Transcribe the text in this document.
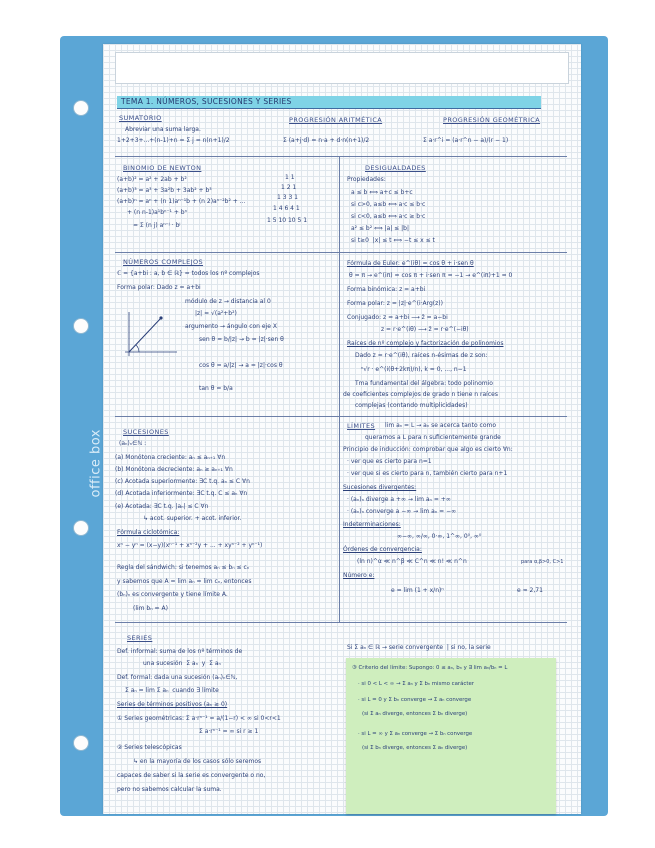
office box
TEMA 1. NÚMEROS, SUCESIONES Y SERIES
SUMATORIO
Abreviar una suma larga.
1+2+3+...+(n-1)+n = Σ j = n(n+1)/2
PROGRESIÓN ARITMÉTICA
Σ (a+j·d) = n·a + d·n(n+1)/2
PROGRESIÓN GEOMÉTRICA
Σ a·r^i = (a·r^n − a)/(r − 1)
BINOMIO DE NEWTON
(a+b)² = a² + 2ab + b²
(a+b)³ = a³ + 3a²b + 3ab² + b³
(a+b)ⁿ = aⁿ + (n 1)aⁿ⁻¹b + (n 2)aⁿ⁻²b² + ...
+ (n n-1)a¹bⁿ⁻¹ + bⁿ
= Σ (n j) aⁿ⁻ʲ · bʲ
1 1
1 2 1
1 3 3 1
1 4 6 4 1
1 5 10 10 5 1
DESIGUALDADES
Propiedades:
a ≤ b ⟺ a+c ≤ b+c
si c>0, a≤b ⟺ a·c ≤ b·c
si c<0, a≤b ⟺ a·c ≥ b·c
a² ≤ b² ⟺ |a| ≤ |b|
si t≥0  |x| ≤ t ⟺ −t ≤ x ≤ t
NÚMEROS COMPLEJOS
ℂ = {a+bi : a, b ∈ ℝ} = todos los nº complejos
Forma polar: Dado z = a+bi
módulo de z → distancia al 0
|z| = √(a²+b²)
argumento → ángulo con eje X
sen θ = b/|z| → b = |z|·sen θ
cos θ = a/|z| → a = |z|·cos θ
tan θ = b/a
Fórmula de Euler: e^(iθ) = cos θ + i·sen θ
θ = π → e^(iπ) = cos π + i·sen π = −1 → e^(iπ)+1 = 0
Forma binómica: z = a+bi
Forma polar: z = |z|·e^(i·Arg(z))
Conjugado: z = a+bi ⟶ z̄ = a−bi
z = r·e^(iθ) ⟶ z̄ = r·e^(−iθ)
Raíces de nº complejo y factorización de polinomios
Dado z = r·e^(iθ), raíces n-ésimas de z son:
ⁿ√r · e^(i(θ+2kπ)/n), k = 0, ..., n−1
Tma fundamental del álgebra: todo polinomio
de coeficientes complejos de grado n tiene n raíces
complejas (contando multiplicidades)
SUCESIONES
(aₙ)ₙ∈ℕ :
(a) Monótona creciente: aₙ ≤ aₙ₊₁ ∀n
(b) Monótona decreciente: aₙ ≥ aₙ₊₁ ∀n
(c) Acotada superiormente: ∃C t.q. aₙ ≤ C ∀n
(d) Acotada inferiormente: ∃C t.q. C ≤ aₙ ∀n
(e) Acotada: ∃C t.q. |aₙ| ≤ C ∀n
↳ acot. superior. + acot. inferior.
Fórmula ciclotómica:
xⁿ − yⁿ = (x−y)(xⁿ⁻¹ + xⁿ⁻²y + ... + xyⁿ⁻² + yⁿ⁻¹)
Regla del sándwich: si tenemos aₙ ≤ bₙ ≤ cₙ
y sabemos que A = lim aₙ = lim cₙ, entonces
(bₙ)ₙ es convergente y tiene límite A.
(lim bₙ = A)
LÍMITES lim aₙ = L → aₙ se acerca tanto como
queramos a L para n suficientemente grande
Principio de inducción: comprobar que algo es cierto ∀n:
· ver que es cierto para n=1
· ver que si es cierto para n, también cierto para n+1
Sucesiones divergentes:
· (aₙ)ₙ diverge a +∞ → lim aₙ = +∞
· (aₙ)ₙ converge a −∞ → lim aₙ = −∞
Indeterminaciones:
∞−∞, ∞/∞, 0·∞, 1^∞, 0⁰, ∞⁰
Órdenes de convergencia:
(ln n)^α ≪ n^β ≪ C^n ≪ n! ≪ n^n	para α,β>0, C>1
Número e:
e = lim (1 + x/n)ⁿ	e ≈ 2,71
SERIES
Def. informal: suma de los nº términos de
una sucesión  Σ aₙ  y  Σ aₙ
Def. formal: dada una sucesión (aₙ)ₙ∈ℕ,
Σ aₙ = lim Σ aₙ  cuando ∃ límite
Series de términos positivos (aₙ ≥ 0)
① Series geométricas: Σ a·rⁿ⁻¹ = a/(1−r) < ∞ si 0<r<1
Σ a·rⁿ⁻¹ = ∞ si r ≥ 1
② Series telescópicas
↳ en la mayoría de los casos sólo seremos
capaces de saber si la serie es convergente o no,
pero no sabemos calcular la suma.
Si Σ aₙ ∈ ℝ → serie convergente  | si no, la serie
③ Criterio del límite: Supongo: 0 ≤ aₙ, bₙ y ∃ lim aₙ/bₙ = L
· si 0 < L < ∞ → Σ aₙ y Σ bₙ mismo carácter
· si L = 0 y Σ bₙ converge → Σ aₙ converge
(si Σ aₙ diverge, entonces Σ bₙ diverge)
· si L = ∞ y Σ aₙ converge → Σ bₙ converge
(si Σ bₙ diverge, entonces Σ aₙ diverge)
